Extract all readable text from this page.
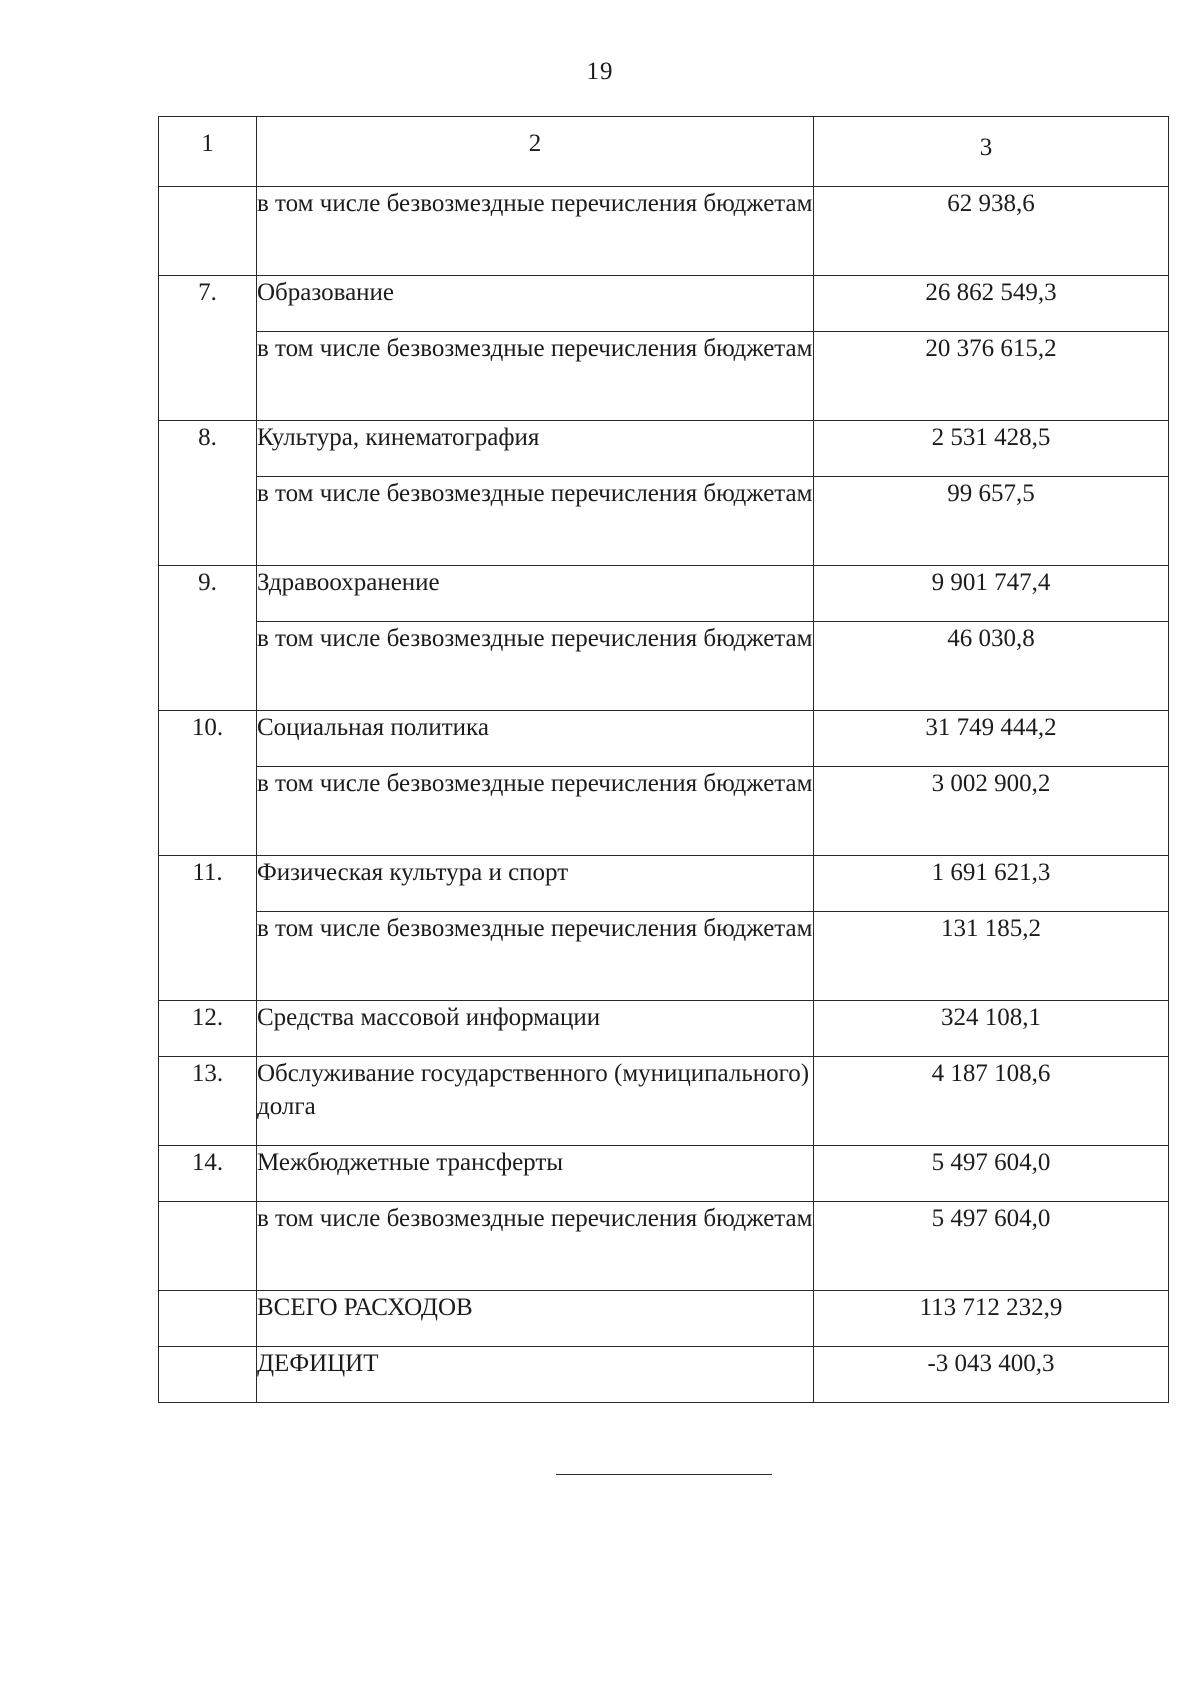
19
1	2	3
	в том числе безвозмездные перечисления бюджетам	62 938,6
7.	Образование	26 862 549,3
	в том числе безвозмездные перечисления бюджетам	20 376 615,2
8.	Культура, кинематография	2 531 428,5
	в том числе безвозмездные перечисления бюджетам	99 657,5
9.	Здравоохранение	9 901 747,4
	в том числе безвозмездные перечисления бюджетам	46 030,8
10.	Социальная политика	31 749 444,2
	в том числе безвозмездные перечисления бюджетам	3 002 900,2
11.	Физическая культура и спорт	1 691 621,3
	в том числе безвозмездные перечисления бюджетам	131 185,2
12.	Средства массовой информации	324 108,1
13.	Обслуживание государственного (муниципального) долга	4 187 108,6
14.	Межбюджетные трансферты	5 497 604,0
	в том числе безвозмездные перечисления бюджетам	5 497 604,0
	ВСЕГО РАСХОДОВ	113 712 232,9
	ДЕФИЦИТ	-3 043 400,3
